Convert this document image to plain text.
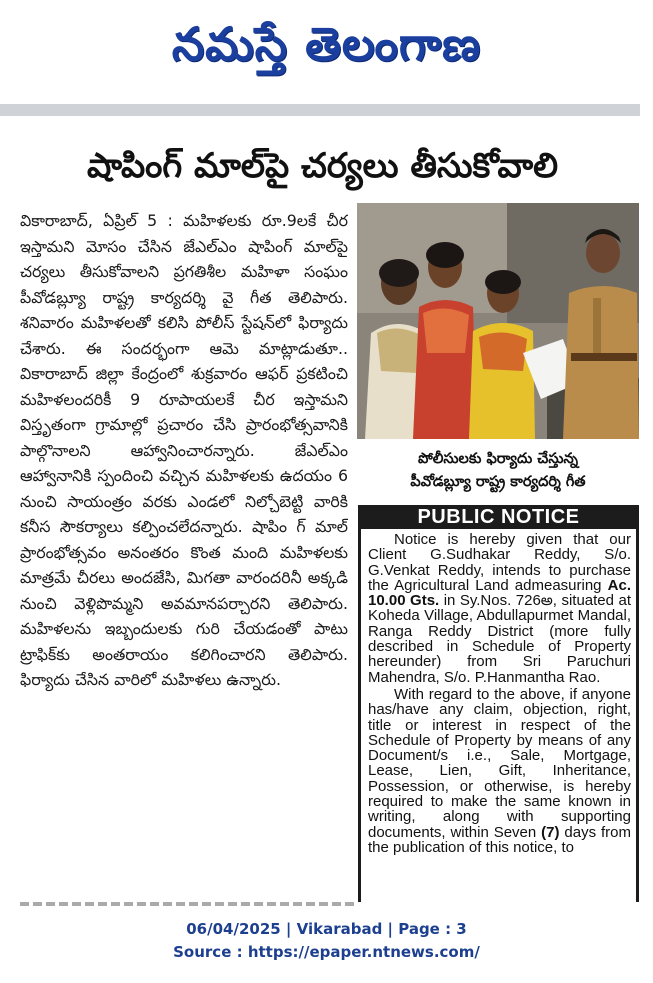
నమస్తే తెలంగాణ
షాపింగ్ మాల్‌పై చర్యలు తీసుకోవాలి

వికారాబాద్, ఏప్రిల్ 5 : మహిళలకు రూ.9లకే చీర ఇస్తామని మోసం చేసిన జేఎల్ఎం షాపింగ్ మాల్‌పై చర్యలు తీసుకోవాలని ప్రగతిశీల మహిళా సంఘం పీవోడబ్ల్యూ రాష్ట్ర కార్యదర్శి వై గీత తెలిపారు. శనివారం మహిళలతో కలిసి పోలీస్ స్టేషన్‌లో ఫిర్యాదు చేశారు. ఈ సందర్భంగా ఆమె మాట్లాడుతూ.. వికారాబాద్ జిల్లా కేంద్రంలో శుక్రవారం ఆఫర్ ప్రకటించి మహిళలందరికీ 9 రూపాయలకే చీర ఇస్తామని విస్తృతంగా గ్రామాల్లో ప్రచారం చేసి ప్రారంభోత్సవానికి పాల్గొనాలని ఆహ్వానించారన్నారు. జేఎల్ఎం ఆహ్వానానికి స్పందించి వచ్చిన మహిళలకు ఉదయం 6 నుంచి సాయంత్రం వరకు ఎండలో నిల్చోబెట్టి వారికి కనీస సౌకర్యాలు కల్పించలేదన్నారు. షాపిం గ్ మాల్ ప్రారంభోత్సవం అనంతరం కొంత మంది మహిళలకు మాత్రమే చీరలు అందజేసి, మిగతా వారందరినీ అక్కడి నుంచి వెళ్లిపొమ్మని అవమానపర్చారని తెలిపారు. మహిళలను ఇబ్బందులకు గురి చేయడంతో పాటు ట్రాఫిక్‌కు అంతరాయం కలిగించారని తెలిపారు. ఫిర్యాదు చేసిన వారిలో మహిళలు ఉన్నారు.

పోలీసులకు ఫిర్యాదు చేస్తున్న
పీవోడబ్ల్యూ రాష్ట్ర కార్యదర్శి గీత
PUBLIC NOTICE

Notice is hereby given that our Client G.Sudhakar Reddy, S/o. G.Venkat Reddy, intends to purchase the Agricultural Land admeasuring Ac. 10.00 Gts. in Sy.Nos. 726అ, situated at Koheda Village, Abdullapurmet Mandal, Ranga Reddy District (more fully described in Schedule of Property hereunder) from Sri Paruchuri Mahendra, S/o. P.Hanmantha Rao.

With regard to the above, if anyone has/have any claim, objection, right, title or interest in respect of the Schedule of Property by means of any Document/s i.e., Sale, Mortgage, Lease, Lien, Gift, Inheritance, Possession, or otherwise, is hereby required to make the same known in writing, along with supporting documents, within Seven (7) days from the publication of this notice, to

06/04/2025 | Vikarabad | Page : 3
Source : https://epaper.ntnews.com/
